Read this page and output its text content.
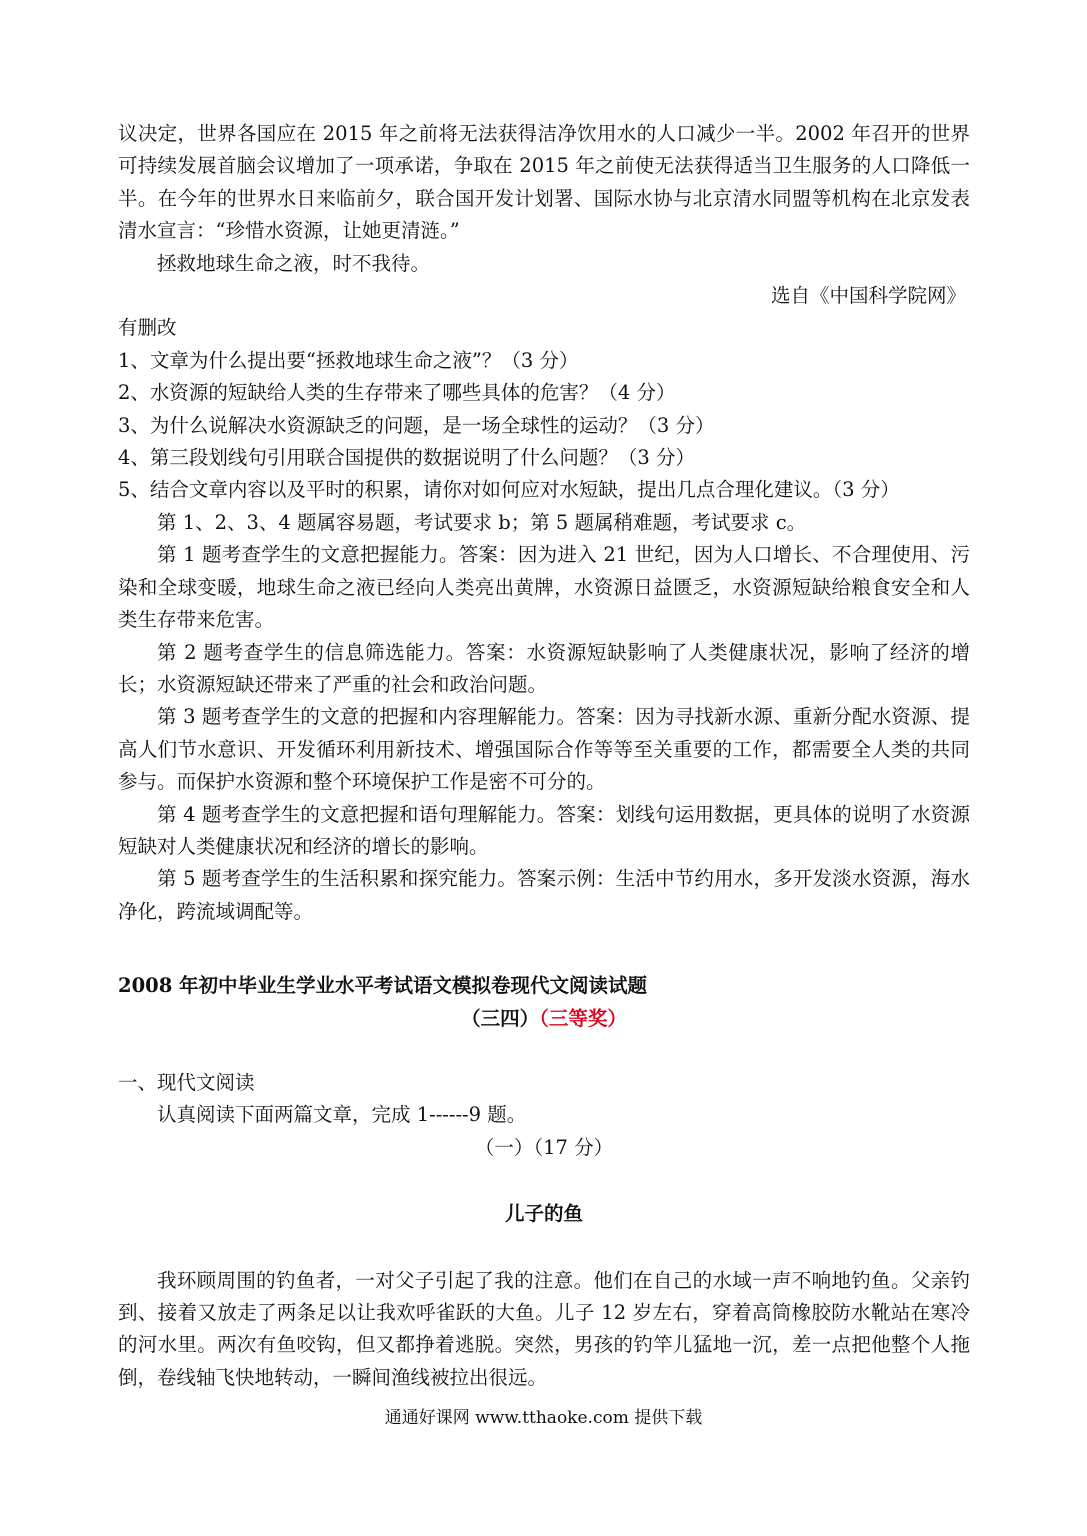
议决定，世界各国应在 2015 年之前将无法获得洁净饮用水的人口减少一半。2002 年召开的世界可持续发展首脑会议增加了一项承诺，争取在 2015 年之前使无法获得适当卫生服务的人口降低一半。在今年的世界水日来临前夕，联合国开发计划署、国际水协与北京清水同盟等机构在北京发表清水宣言：“珍惜水资源，让她更清涟。”

拯救地球生命之液，时不我待。

选自《中国科学院网》

有删改

1、文章为什么提出要“拯救地球生命之液”？（3 分）

2、水资源的短缺给人类的生存带来了哪些具体的危害？（4 分）

3、为什么说解决水资源缺乏的问题，是一场全球性的运动？（3 分）

4、第三段划线句引用联合国提供的数据说明了什么问题？（3 分）

5、结合文章内容以及平时的积累，请你对如何应对水短缺，提出几点合理化建议。（3 分）

第 1、2、3、4 题属容易题，考试要求 b；第 5 题属稍难题，考试要求 c。

第 1 题考查学生的文意把握能力。答案：因为进入 21 世纪，因为人口增长、不合理使用、污染和全球变暖，地球生命之液已经向人类亮出黄牌，水资源日益匮乏，水资源短缺给粮食安全和人类生存带来危害。

第 2 题考查学生的信息筛选能力。答案：水资源短缺影响了人类健康状况，影响了经济的增长；水资源短缺还带来了严重的社会和政治问题。

第 3 题考查学生的文意的把握和内容理解能力。答案：因为寻找新水源、重新分配水资源、提高人们节水意识、开发循环利用新技术、增强国际合作等等至关重要的工作，都需要全人类的共同参与。而保护水资源和整个环境保护工作是密不可分的。

第 4 题考查学生的文意把握和语句理解能力。答案：划线句运用数据，更具体的说明了水资源短缺对人类健康状况和经济的增长的影响。

第 5 题考查学生的生活积累和探究能力。答案示例：生活中节约用水，多开发淡水资源，海水净化，跨流域调配等。

2008 年初中毕业生学业水平考试语文模拟卷现代文阅读试题

（三四）（三等奖）

一、现代文阅读

认真阅读下面两篇文章，完成 1------9 题。

（一）（17 分）

儿子的鱼

我环顾周围的钓鱼者，一对父子引起了我的注意。他们在自己的水域一声不响地钓鱼。父亲钓到、接着又放走了两条足以让我欢呼雀跃的大鱼。儿子 12 岁左右，穿着高筒橡胶防水靴站在寒冷的河水里。两次有鱼咬钩，但又都挣着逃脱。突然，男孩的钓竿儿猛地一沉，差一点把他整个人拖倒，卷线轴飞快地转动，一瞬间渔线被拉出很远。

通通好课网 www.tthaoke.com 提供下载
